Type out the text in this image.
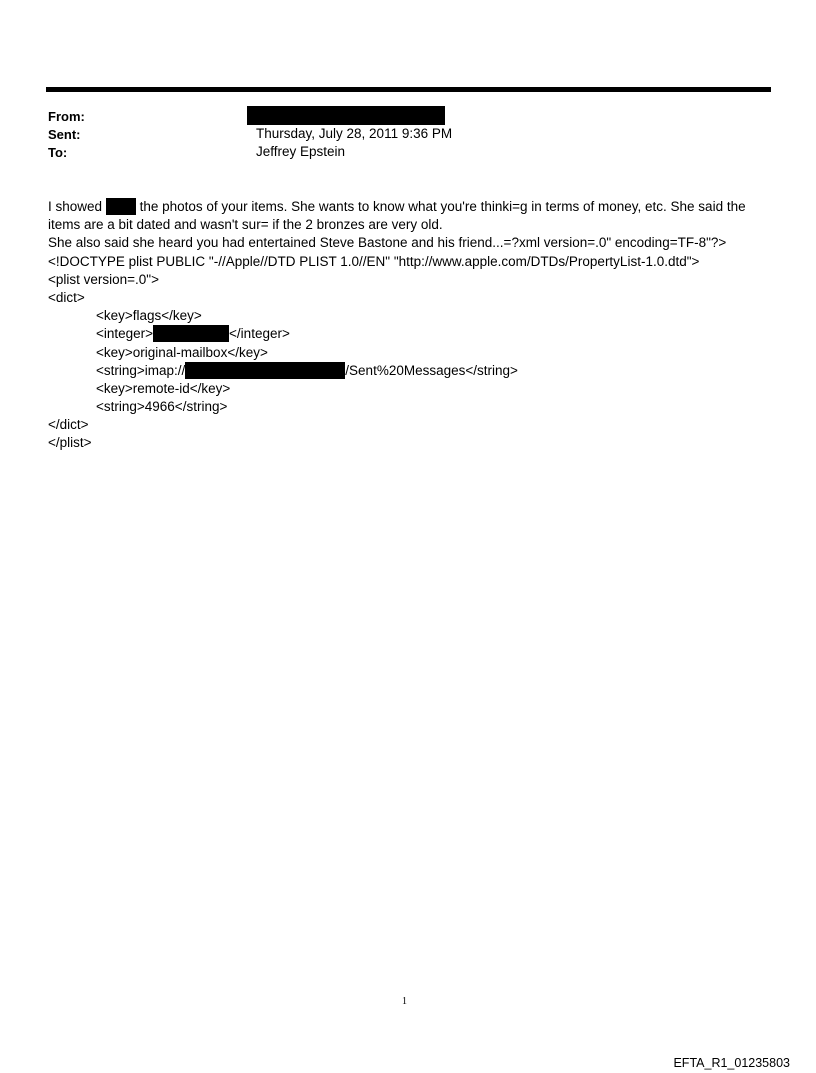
From:
Sent:	Thursday, July 28, 2011 9:36 PM
To:	Jeffrey Epstein
I showed	the photos of your items. She wants to know what you're thinki=g in terms of money, etc. She said the
items are a bit dated and wasn't sur= if the 2 bronzes are very old.
She also said she heard you had entertained Steve Bastone and his friend...=?xml version=.0" encoding=TF-8"?>
<!DOCTYPE plist PUBLIC "-//Apple//DTD PLIST 1.0//EN" "http://www.apple.com/DTDs/PropertyList-1.0.dtd">
<plist version=.0">
<dict>
<key>flags</key>
<integer>	</integer>
<key>original-mailbox</key>
<string>imap://	/Sent%20Messages</string>
<key>remote-id</key>
<string>4966</string>
</dict>
</plist>
1
EFTA_R1_01235803
